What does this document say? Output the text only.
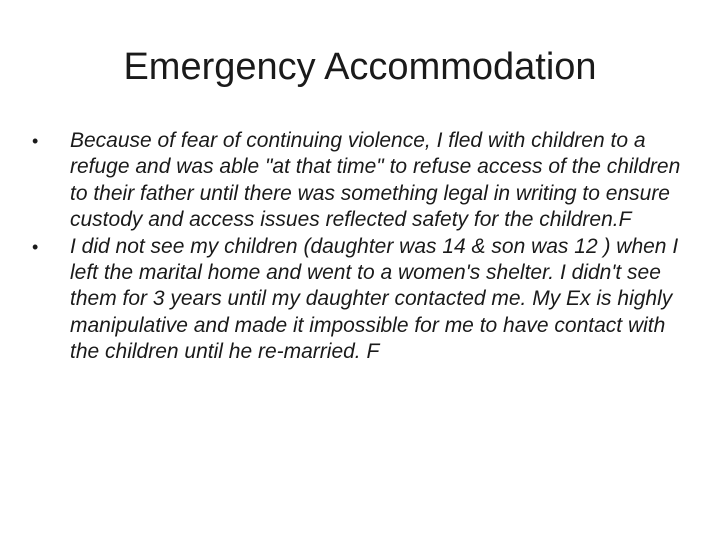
Emergency Accommodation
• Because of fear of continuing violence, I fled with children to a refuge and was able "at that time" to refuse access of the children to their father until there was something legal in writing to ensure custody and access issues reflected safety for the children.F
• I did not see my children (daughter was 14 & son was 12 ) when I left the marital home and went to a women's shelter. I didn't see them for 3 years until my daughter contacted me. My Ex is highly manipulative and made it impossible for me to have contact with the children until he re-married. F
